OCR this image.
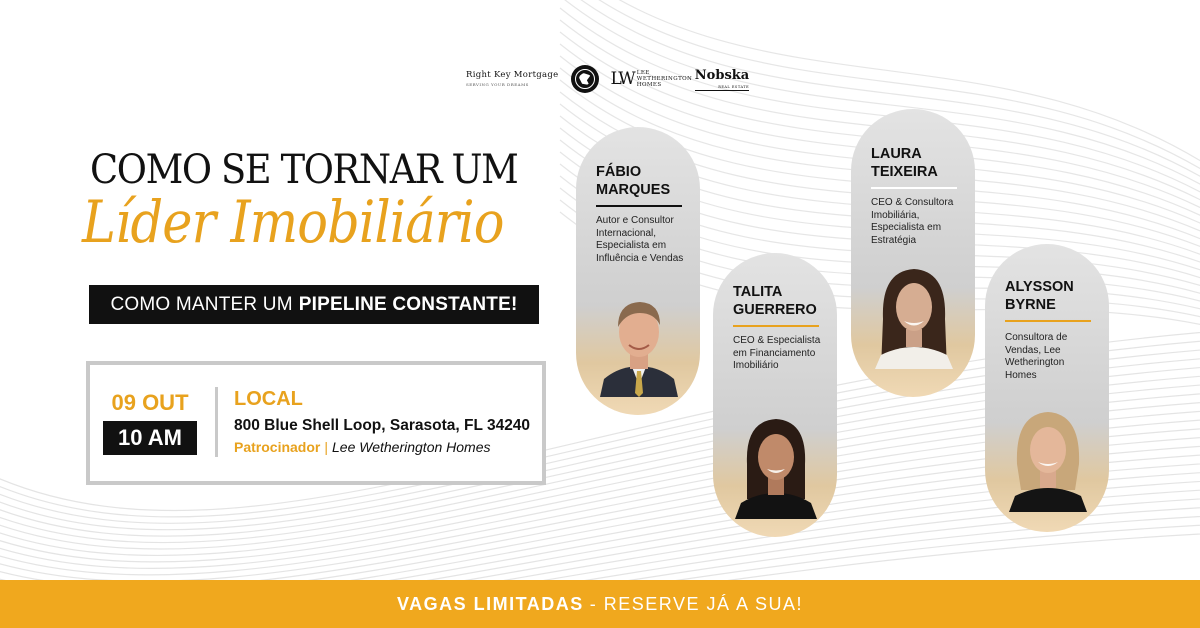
Right Key Mortgage
SERVING YOUR DREAMS	LW LEE WETHERINGTON HOMES
Nobska
REAL ESTATE
COMO SE TORNAR UM
Líder Imobiliário
COMO MANTER UM PIPELINE CONSTANTE!
09 OUT
10 AM
LOCAL
800 Blue Shell Loop, Sarasota, FL 34240
Patrocinador | Lee Wetherington Homes
FÁBIO
MARQUES
Autor e Consultor Internacional, Especialista em Influência e Vendas
TALITA
GUERRERO
CEO & Especialista em Financiamento Imobiliário
LAURA
TEIXEIRA
CEO & Consultora Imobiliária, Especialista em Estratégia
ALYSSON
BYRNE
Consultora de Vendas, Lee Wetherington Homes
VAGAS LIMITADAS - RESERVE JÁ A SUA!
